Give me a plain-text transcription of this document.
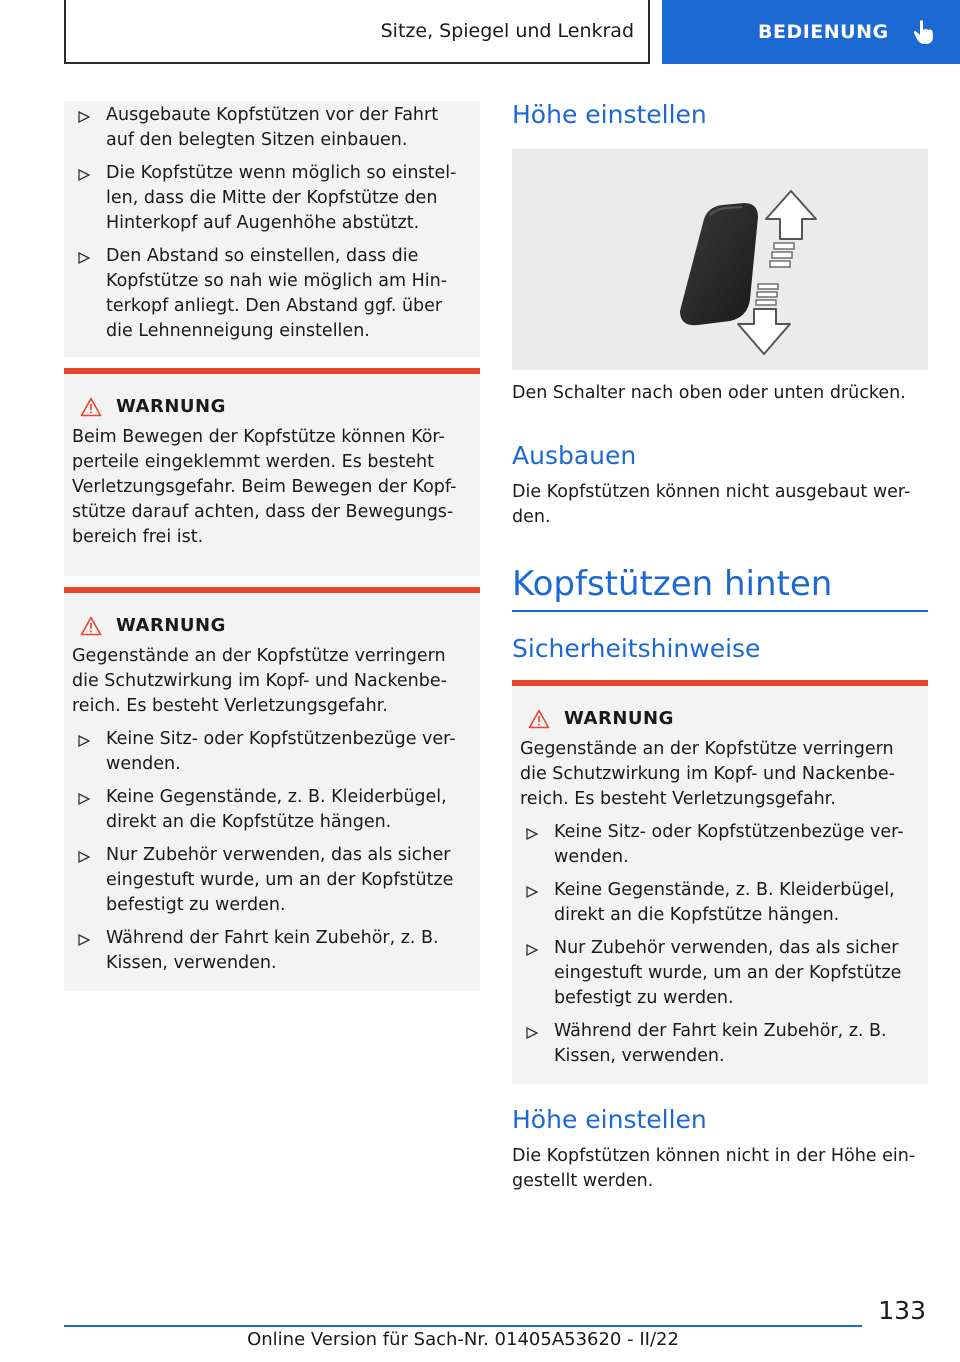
Sitze, Spiegel und Lenkrad	BEDIENUNG
Ausgebaute Kopfstützen vor der Fahrt auf den belegten Sitzen einbauen.
Die Kopfstütze wenn möglich so einstel-len, dass die Mitte der Kopfstütze den Hinterkopf auf Augenhöhe abstützt.
Den Abstand so einstellen, dass die Kopfstütze so nah wie möglich am Hin-terkopf anliegt. Den Abstand ggf. über die Lehnenneigung einstellen.
WARNUNG
Beim Bewegen der Kopfstütze können Kör-perteile eingeklemmt werden. Es besteht Verletzungsgefahr. Beim Bewegen der Kopf-stütze darauf achten, dass der Bewegungs-bereich frei ist.
WARNUNG
Gegenstände an der Kopfstütze verringern die Schutzwirkung im Kopf- und Nackenbe-reich. Es besteht Verletzungsgefahr.
Keine Sitz- oder Kopfstützenbezüge ver-wenden.
Keine Gegenstände, z. B. Kleiderbügel, direkt an die Kopfstütze hängen.
Nur Zubehör verwenden, das als sicher eingestuft wurde, um an der Kopfstütze befestigt zu werden.
Während der Fahrt kein Zubehör, z. B. Kissen, verwenden.
Höhe einstellen
Den Schalter nach oben oder unten drücken.
Ausbauen
Die Kopfstützen können nicht ausgebaut wer-den.
Kopfstützen hinten
Sicherheitshinweise
WARNUNG
Gegenstände an der Kopfstütze verringern die Schutzwirkung im Kopf- und Nackenbe-reich. Es besteht Verletzungsgefahr.
Keine Sitz- oder Kopfstützenbezüge ver-wenden.
Keine Gegenstände, z. B. Kleiderbügel, direkt an die Kopfstütze hängen.
Nur Zubehör verwenden, das als sicher eingestuft wurde, um an der Kopfstütze befestigt zu werden.
Während der Fahrt kein Zubehör, z. B. Kissen, verwenden.
Höhe einstellen
Die Kopfstützen können nicht in der Höhe ein-gestellt werden.
133
Online Version für Sach-Nr. 01405A53620 - II/22
